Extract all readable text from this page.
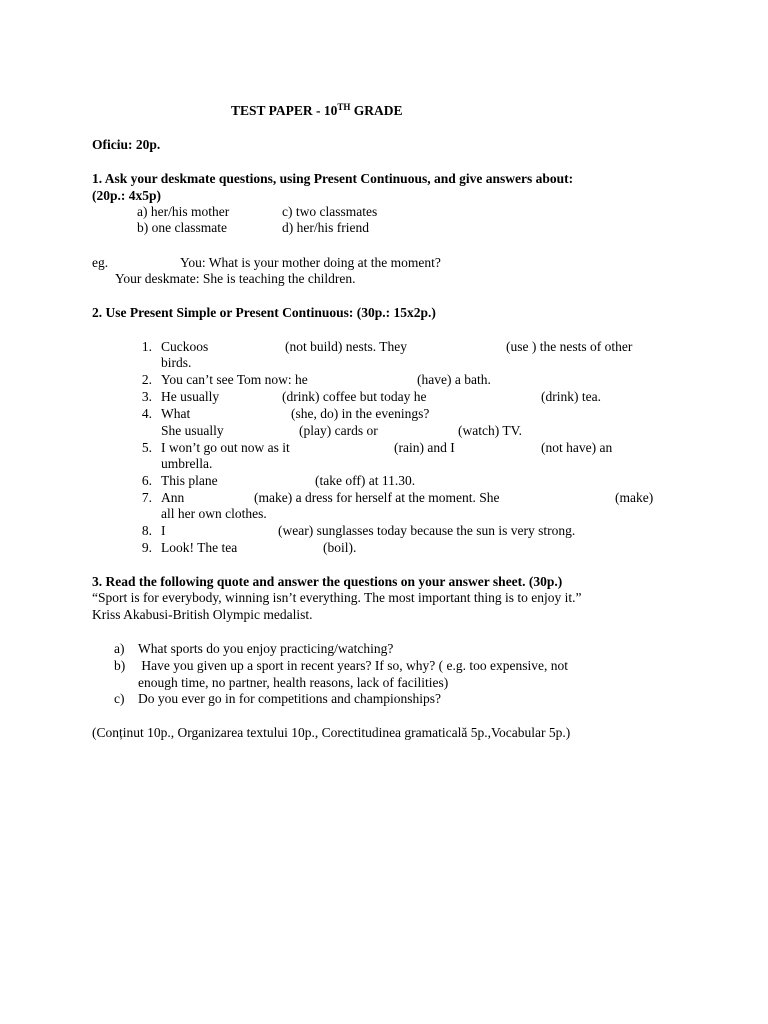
TEST PAPER - 10TH GRADE
Oficiu: 20p.
1. Ask your deskmate questions, using Present Continuous, and give answers about:
(20p.: 4x5p)
a) her/his mother	c) two classmates
b) one classmate	d) her/his friend
eg.	You: What is your mother doing at the moment?
Your deskmate: She is teaching the children.
2. Use Present Simple or Present Continuous: (30p.: 15x2p.)
1. Cuckoos	(not build) nests. They	(use ) the nests of other
birds.
2. You can’t see Tom now: he	(have) a bath.
3. He usually	(drink) coffee but today he	(drink) tea.
4. What	(she, do) in the evenings?
She usually	(play) cards or	(watch) TV.
5. I won’t go out now as it	(rain) and I	(not have) an
umbrella.
6. This plane	(take off) at 11.30.
7. Ann	(make) a dress for herself at the moment. She	(make)
all her own clothes.
8. I	(wear) sunglasses today because the sun is very strong.
9. Look! The tea	(boil).
3. Read the following quote and answer the questions on your answer sheet. (30p.)
“Sport is for everybody, winning isn’t everything. The most important thing is to enjoy it.”
Kriss Akabusi-British Olympic medalist.
a) What sports do you enjoy practicing/watching?
b) Have you given up a sport in recent years? If so, why? ( e.g. too expensive, not
enough time, no partner, health reasons, lack of facilities)
c) Do you ever go in for competitions and championships?
(Conținut 10p., Organizarea textului 10p., Corectitudinea gramaticală 5p.,Vocabular 5p.)
